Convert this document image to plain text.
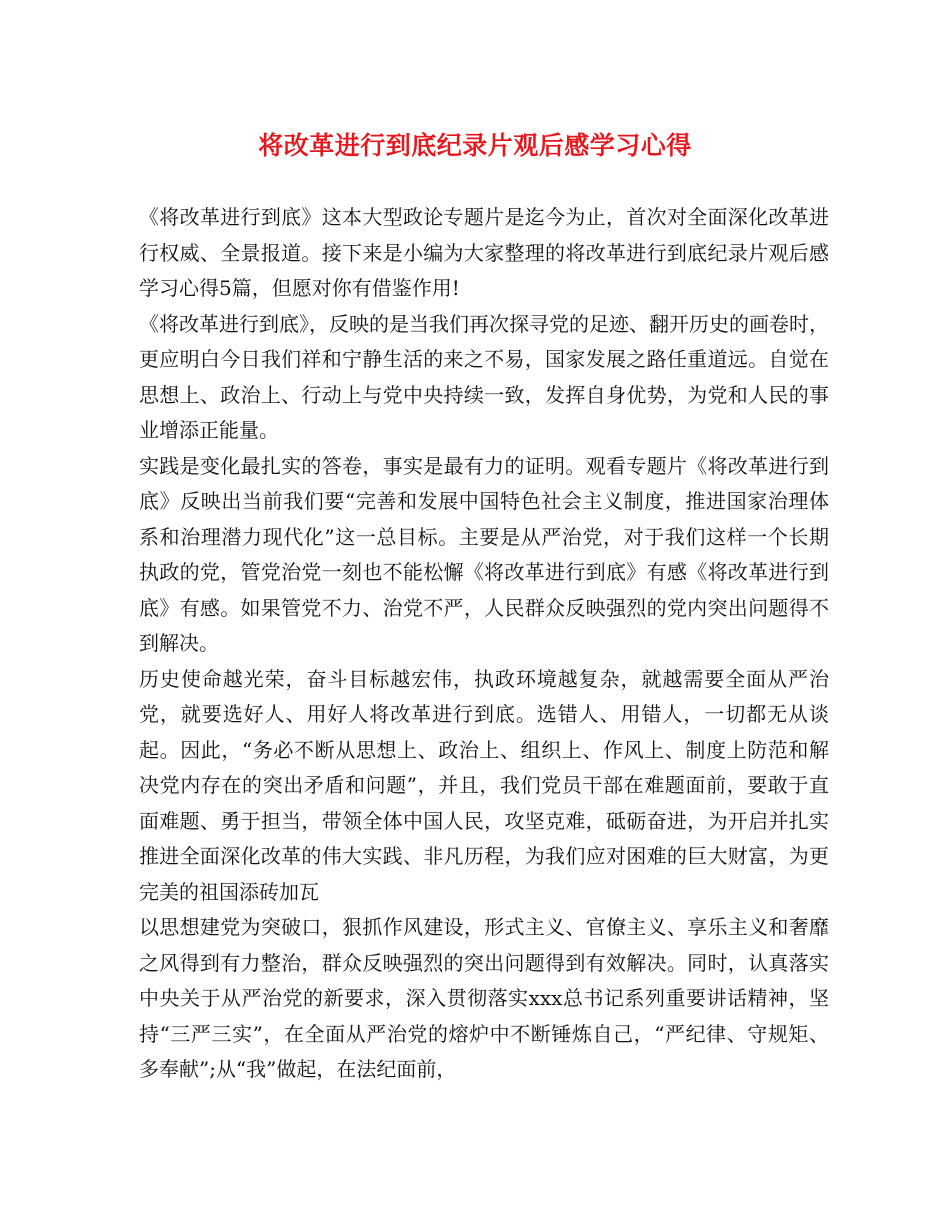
将改革进行到底纪录片观后感学习心得

《将改革进行到底》这本大型政论专题片是迄今为止，首次对全面深化改革进行权威、全景报道。接下来是小编为大家整理的将改革进行到底纪录片观后感学习心得5篇，但愿对你有借鉴作用!

《将改革进行到底》，反映的是当我们再次探寻党的足迹、翻开历史的画卷时，更应明白今日我们祥和宁静生活的来之不易，国家发展之路任重道远。自觉在思想上、政治上、行动上与党中央持续一致，发挥自身优势，为党和人民的事业增添正能量。

实践是变化最扎实的答卷，事实是最有力的证明。观看专题片《将改革进行到底》反映出当前我们要“完善和发展中国特色社会主义制度，推进国家治理体系和治理潜力现代化”这一总目标。主要是从严治党，对于我们这样一个长期执政的党，管党治党一刻也不能松懈《将改革进行到底》有感《将改革进行到底》有感。如果管党不力、治党不严，人民群众反映强烈的党内突出问题得不到解决。

历史使命越光荣，奋斗目标越宏伟，执政环境越复杂，就越需要全面从严治党，就要选好人、用好人将改革进行到底。选错人、用错人，一切都无从谈起。因此，“务必不断从思想上、政治上、组织上、作风上、制度上防范和解决党内存在的突出矛盾和问题”，并且，我们党员干部在难题面前，要敢于直面难题、勇于担当，带领全体中国人民，攻坚克难，砥砺奋进，为开启并扎实推进全面深化改革的伟大实践、非凡历程，为我们应对困难的巨大财富，为更完美的祖国添砖加瓦

以思想建党为突破口，狠抓作风建设，形式主义、官僚主义、享乐主义和奢靡之风得到有力整治，群众反映强烈的突出问题得到有效解决。同时，认真落实中央关于从严治党的新要求，深入贯彻落实xxx总书记系列重要讲话精神，坚持“三严三实”，在全面从严治党的熔炉中不断锤炼自己，“严纪律、守规矩、多奉献”;从“我”做起，在法纪面前，
